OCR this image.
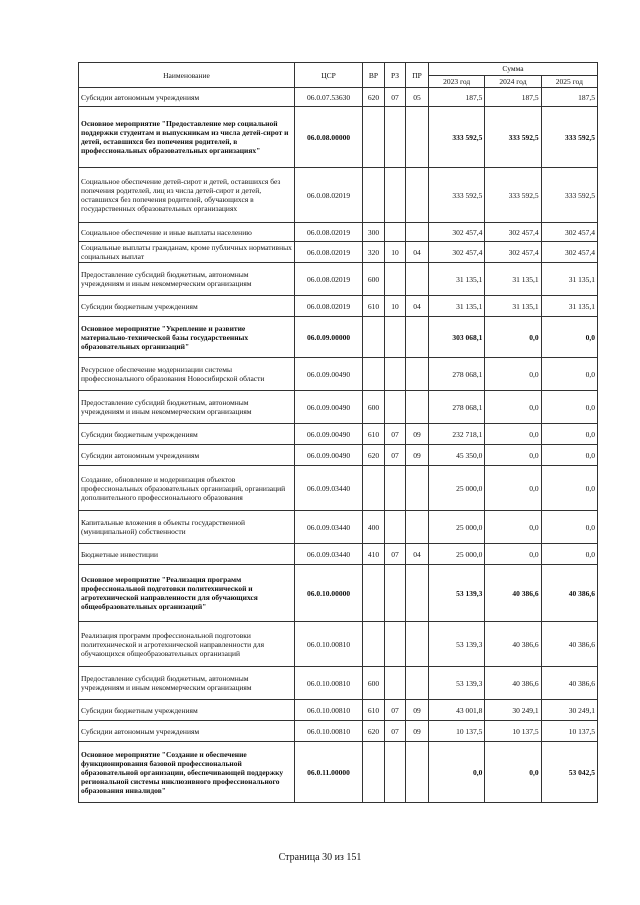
Наименование	ЦСР	ВР	РЗ	ПР	Сумма		
					2023 год	2024 год	2025 год
Субсидии автономным учреждениям	06.0.07.53630	620	07	05	187,5	187,5	187,5
Основное мероприятие "Предоставление мер социальной поддержки студентам и выпускникам из числа детей-сирот и детей, оставшихся без попечения родителей, в профессиональных образовательных организациях"	06.0.08.00000				333 592,5	333 592,5	333 592,5
Социальное обеспечение детей-сирот и детей, оставшихся без попечения родителей, лиц из числа детей-сирот и детей, оставшихся без попечения родителей, обучающихся в государственных образовательных организациях	06.0.08.02019				333 592,5	333 592,5	333 592,5
Социальное обеспечение и иные выплаты населению	06.0.08.02019	300			302 457,4	302 457,4	302 457,4
Социальные выплаты гражданам, кроме публичных нормативных социальных выплат	06.0.08.02019	320	10	04	302 457,4	302 457,4	302 457,4
Предоставление субсидий бюджетным, автономным учреждениям и иным некоммерческим организациям	06.0.08.02019	600			31 135,1	31 135,1	31 135,1
Субсидии бюджетным учреждениям	06.0.08.02019	610	10	04	31 135,1	31 135,1	31 135,1
Основное мероприятие "Укрепление и развитие материально-технической базы государственных образовательных организаций"	06.0.09.00000				303 068,1	0,0	0,0
Ресурсное обеспечение модернизации системы профессионального образования Новосибирской области	06.0.09.00490				278 068,1	0,0	0,0
Предоставление субсидий бюджетным, автономным учреждениям и иным некоммерческим организациям	06.0.09.00490	600			278 068,1	0,0	0,0
Субсидии бюджетным учреждениям	06.0.09.00490	610	07	09	232 718,1	0,0	0,0
Субсидии автономным учреждениям	06.0.09.00490	620	07	09	45 350,0	0,0	0,0
Создание, обновление и модернизация объектов профессиональных образовательных организаций, организаций дополнительного профессионального образования	06.0.09.03440				25 000,0	0,0	0,0
Капитальные вложения в объекты государственной (муниципальной) собственности	06.0.09.03440	400			25 000,0	0,0	0,0
Бюджетные инвестиции	06.0.09.03440	410	07	04	25 000,0	0,0	0,0
Основное мероприятие "Реализация программ профессиональной подготовки политехнической и агротехнической направленности для обучающихся общеобразовательных организаций"	06.0.10.00000				53 139,3	40 386,6	40 386,6
Реализация программ профессиональной подготовки политехнической и агротехнической направленности для обучающихся общеобразовательных организаций	06.0.10.00810				53 139,3	40 386,6	40 386,6
Предоставление субсидий бюджетным, автономным учреждениям и иным некоммерческим организациям	06.0.10.00810	600			53 139,3	40 386,6	40 386,6
Субсидии бюджетным учреждениям	06.0.10.00810	610	07	09	43 001,8	30 249,1	30 249,1
Субсидии автономным учреждениям	06.0.10.00810	620	07	09	10 137,5	10 137,5	10 137,5
Основное мероприятие "Создание и обеспечение функционирования базовой профессиональной образовательной организации, обеспечивающей поддержку региональной системы инклюзивного профессионального образования инвалидов"	06.0.11.00000				0,0	0,0	53 042,5
Страница 30 из 151
